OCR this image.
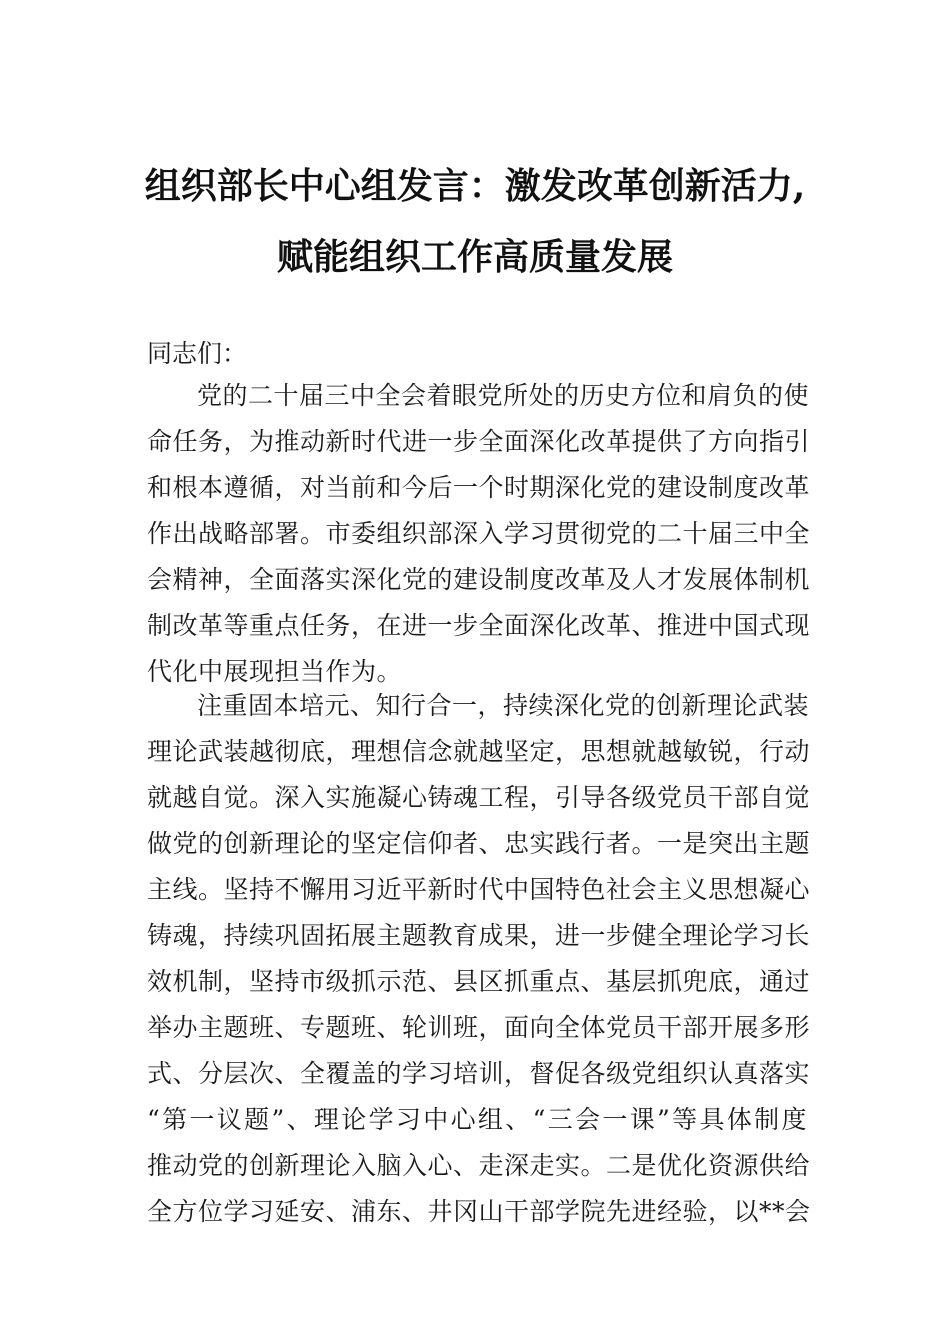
组织部长中心组发言：激发改革创新活力,
赋能组织工作高质量发展
同志们：
党的二十届三中全会着眼党所处的历史方位和肩负的使
命任务，为推动新时代进一步全面深化改革提供了方向指引
和根本遵循，对当前和今后一个时期深化党的建设制度改革
作出战略部署。市委组织部深入学习贯彻党的二十届三中全
会精神，全面落实深化党的建设制度改革及人才发展体制机
制改革等重点任务，在进一步全面深化改革、推进中国式现
代化中展现担当作为。
注重固本培元、知行合一，持续深化党的创新理论武装
理论武装越彻底，理想信念就越坚定，思想就越敏锐，行动
就越自觉。深入实施凝心铸魂工程，引导各级党员干部自觉
做党的创新理论的坚定信仰者、忠实践行者。一是突出主题
主线。坚持不懈用习近平新时代中国特色社会主义思想凝心
铸魂，持续巩固拓展主题教育成果，进一步健全理论学习长
效机制，坚持市级抓示范、县区抓重点、基层抓兜底，通过
举办主题班、专题班、轮训班，面向全体党员干部开展多形
式、分层次、全覆盖的学习培训，督促各级党组织认真落实
“第一议题”、理论学习中心组、“三会一课”等具体制度
推动党的创新理论入脑入心、走深走实。二是优化资源供给
全方位学习延安、浦东、井冈山干部学院先进经验，以**会
